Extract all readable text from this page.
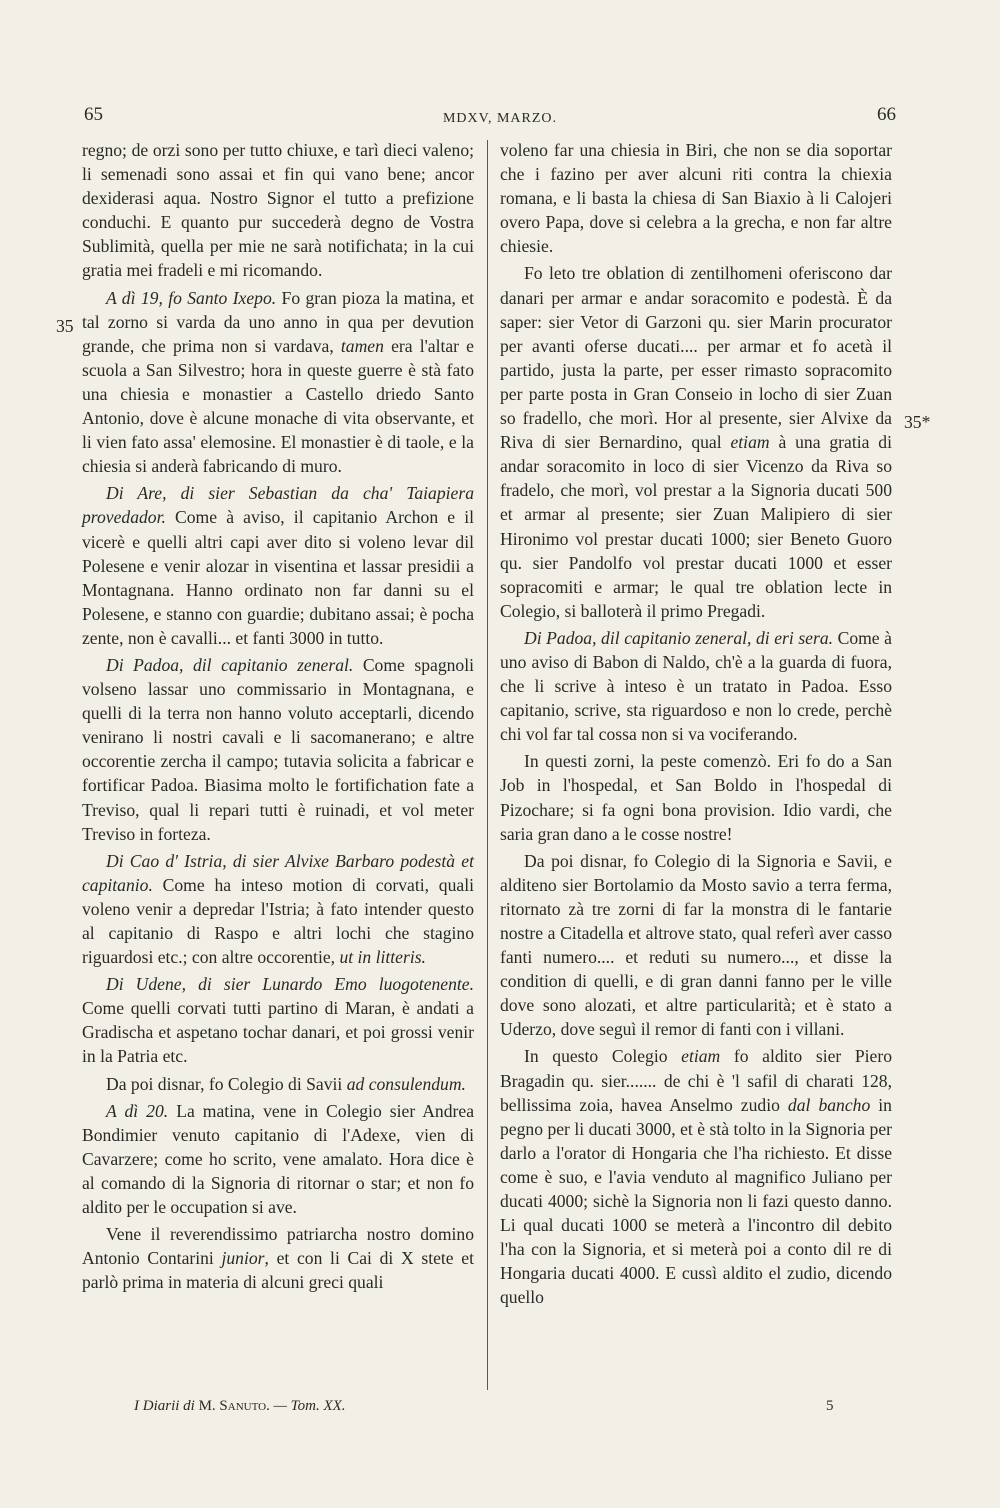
65	MDXV, MARZO.	66
35
35*

regno; de orzi sono per tutto chiuxe, e tarì dieci valeno; li semenadi sono assai et fin qui vano bene; ancor dexiderasi aqua. Nostro Signor el tutto a prefizione conduchi. E quanto pur succederà degno de Vostra Sublimità, quella per mie ne sarà notifichata; in la cui gratia mei fradeli e mi ricomando.

A dì 19, fo Santo Ixepo. Fo gran pioza la matina, et tal zorno si varda da uno anno in qua per devution grande, che prima non si vardava, tamen era l'altar e scuola a San Silvestro; hora in queste guerre è stà fato una chiesia e monastier a Castello driedo Santo Antonio, dove è alcune monache di vita observante, et li vien fato assa' elemosine. El monastier è di taole, e la chiesia si anderà fabricando di muro.

Di Are, di sier Sebastian da cha' Taiapiera provedador. Come à aviso, il capitanio Archon e il vicerè e quelli altri capi aver dito si voleno levar dil Polesene e venir alozar in visentina et lassar presidii a Montagnana. Hanno ordinato non far danni su el Polesene, e stanno con guardie; dubitano assai; è pocha zente, non è cavalli... et fanti 3000 in tutto.

Di Padoa, dil capitanio zeneral. Come spagnoli volseno lassar uno commissario in Montagnana, e quelli di la terra non hanno voluto acceptarli, dicendo venirano li nostri cavali e li sacomanerano; e altre occorentie zercha il campo; tutavia solicita a fabricar e fortificar Padoa. Biasima molto le fortifichation fate a Treviso, qual li repari tutti è ruinadi, et vol meter Treviso in forteza.

Di Cao d' Istria, di sier Alvixe Barbaro podestà et capitanio. Come ha inteso motion di corvati, quali voleno venir a depredar l'Istria; à fato intender questo al capitanio di Raspo e altri lochi che stagino riguardosi etc.; con altre occorentie, ut in litteris.

Di Udene, di sier Lunardo Emo luogotenente. Come quelli corvati tutti partino di Maran, è andati a Gradischa et aspetano tochar danari, et poi grossi venir in la Patria etc.

Da poi disnar, fo Colegio di Savii ad consulendum.

A dì 20. La matina, vene in Colegio sier Andrea Bondimier venuto capitanio di l'Adexe, vien di Cavarzere; come ho scrito, vene amalato. Hora dice è al comando di la Signoria di ritornar o star; et non fo aldito per le occupation si ave.

Vene il reverendissimo patriarcha nostro domino Antonio Contarini junior, et con li Cai di X stete et parlò prima in materia di alcuni greci quali

voleno far una chiesia in Biri, che non se dia soportar che i fazino per aver alcuni riti contra la chiexia romana, e li basta la chiesa di San Biaxio à li Calojeri overo Papa, dove si celebra a la grecha, e non far altre chiesie.

Fo leto tre oblation di zentilhomeni oferiscono dar danari per armar e andar soracomito e podestà. È da saper: sier Vetor di Garzoni qu. sier Marin procurator per avanti oferse ducati.... per armar et fo acetà il partido, justa la parte, per esser rimasto sopracomito per parte posta in Gran Conseio in locho di sier Zuan so fradello, che morì. Hor al presente, sier Alvixe da Riva di sier Bernardino, qual etiam à una gratia di andar soracomito in loco di sier Vicenzo da Riva so fradelo, che morì, vol prestar a la Signoria ducati 500 et armar al presente; sier Zuan Malipiero di sier Hironimo vol prestar ducati 1000; sier Beneto Guoro qu. sier Pandolfo vol prestar ducati 1000 et esser sopracomiti e armar; le qual tre oblation lecte in Colegio, si balloterà il primo Pregadi.

Di Padoa, dil capitanio zeneral, di eri sera. Come à uno aviso di Babon di Naldo, ch'è a la guarda di fuora, che li scrive à inteso è un tratato in Padoa. Esso capitanio, scrive, sta riguardoso e non lo crede, perchè chi vol far tal cossa non si va vociferando.

In questi zorni, la peste comenzò. Eri fo do a San Job in l'hospedal, et San Boldo in l'hospedal di Pizochare; si fa ogni bona provision. Idio vardi, che saria gran dano a le cosse nostre!

Da poi disnar, fo Colegio di la Signoria e Savii, e alditeno sier Bortolamio da Mosto savio a terra ferma, ritornato zà tre zorni di far la monstra di le fantarie nostre a Citadella et altrove stato, qual referì aver casso fanti numero.... et reduti su numero..., et disse la condition di quelli, e di gran danni fanno per le ville dove sono alozati, et altre particularità; et è stato a Uderzo, dove seguì il remor di fanti con i villani.

In questo Colegio etiam fo aldito sier Piero Bragadin qu. sier....... de chi è 'l safil di charati 128, bellissima zoia, havea Anselmo zudio dal bancho in pegno per li ducati 3000, et è stà tolto in la Signoria per darlo a l'orator di Hongaria che l'ha richiesto. Et disse come è suo, e l'avia venduto al magnifico Juliano per ducati 4000; sichè la Signoria non li fazi questo danno. Li qual ducati 1000 se meterà a l'incontro dil debito l'ha con la Signoria, et si meterà poi a conto dil re di Hongaria ducati 4000. E cussì aldito el zudio, dicendo quello

I Diarii di M. Sanuto. — Tom. XX.	5
